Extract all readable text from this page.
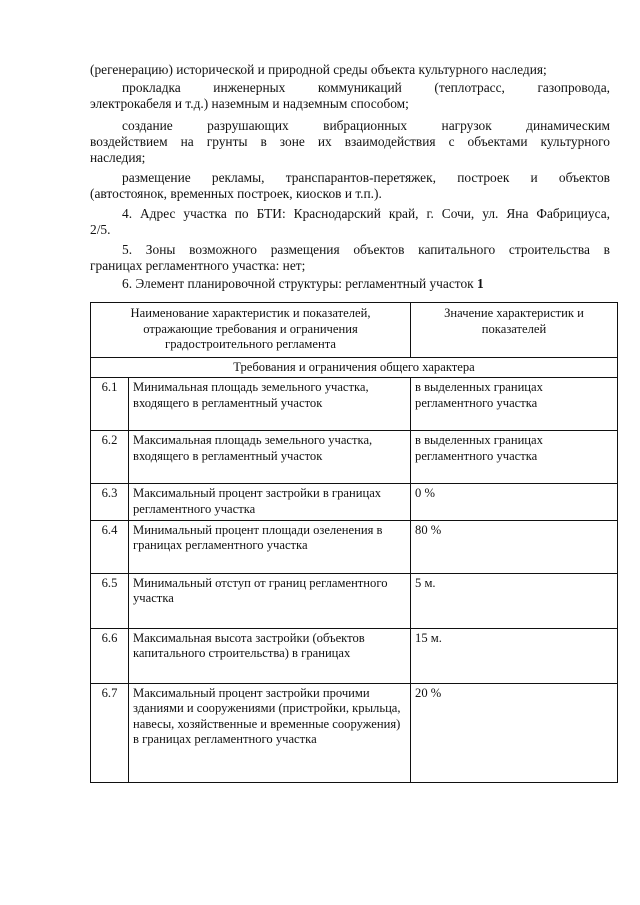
(регенерацию) исторической и природной среды объекта культурного наследия;

прокладка инженерных коммуникаций (теплотрасс, газопровода,

электрокабеля и т.д.) наземным и надземным способом;

создание разрушающих вибрационных нагрузок динамическим

воздействием на грунты в зоне их взаимодействия с объектами культурного

наследия;

размещение рекламы, транспарантов-перетяжек, построек и объектов

(автостоянок, временных построек, киосков и т.п.).

4. Адрес участка по БТИ: Краснодарский край, г. Сочи, ул. Яна Фабрициуса,

2/5.

5. Зоны возможного размещения объектов капитального строительства в

границах регламентного участка: нет;

6. Элемент планировочной структуры: регламентный участок 1

Наименование характеристик и показателей, отражающие требования и ограничения градостроительного регламента		Значение характеристик и показателей
Требования и ограничения общего характера		
6.1	Минимальная площадь земельного участка, входящего в регламентный участок	в выделенных границах регламентного участка
6.2	Максимальная площадь земельного участка, входящего в регламентный участок	в выделенных границах регламентного участка
6.3	Максимальный процент застройки в границах регламентного участка	0 %
6.4	Минимальный процент площади озеленения в границах регламентного участка	80 %
6.5	Минимальный отступ от границ регламентного участка	5 м.
6.6	Максимальная высота застройки (объектов капитального строительства) в границах	15 м.
6.7	Максимальный процент застройки прочими зданиями и сооружениями (пристройки, крыльца, навесы, хозяйственные и временные сооружения) в границах регламентного участка	20 %
